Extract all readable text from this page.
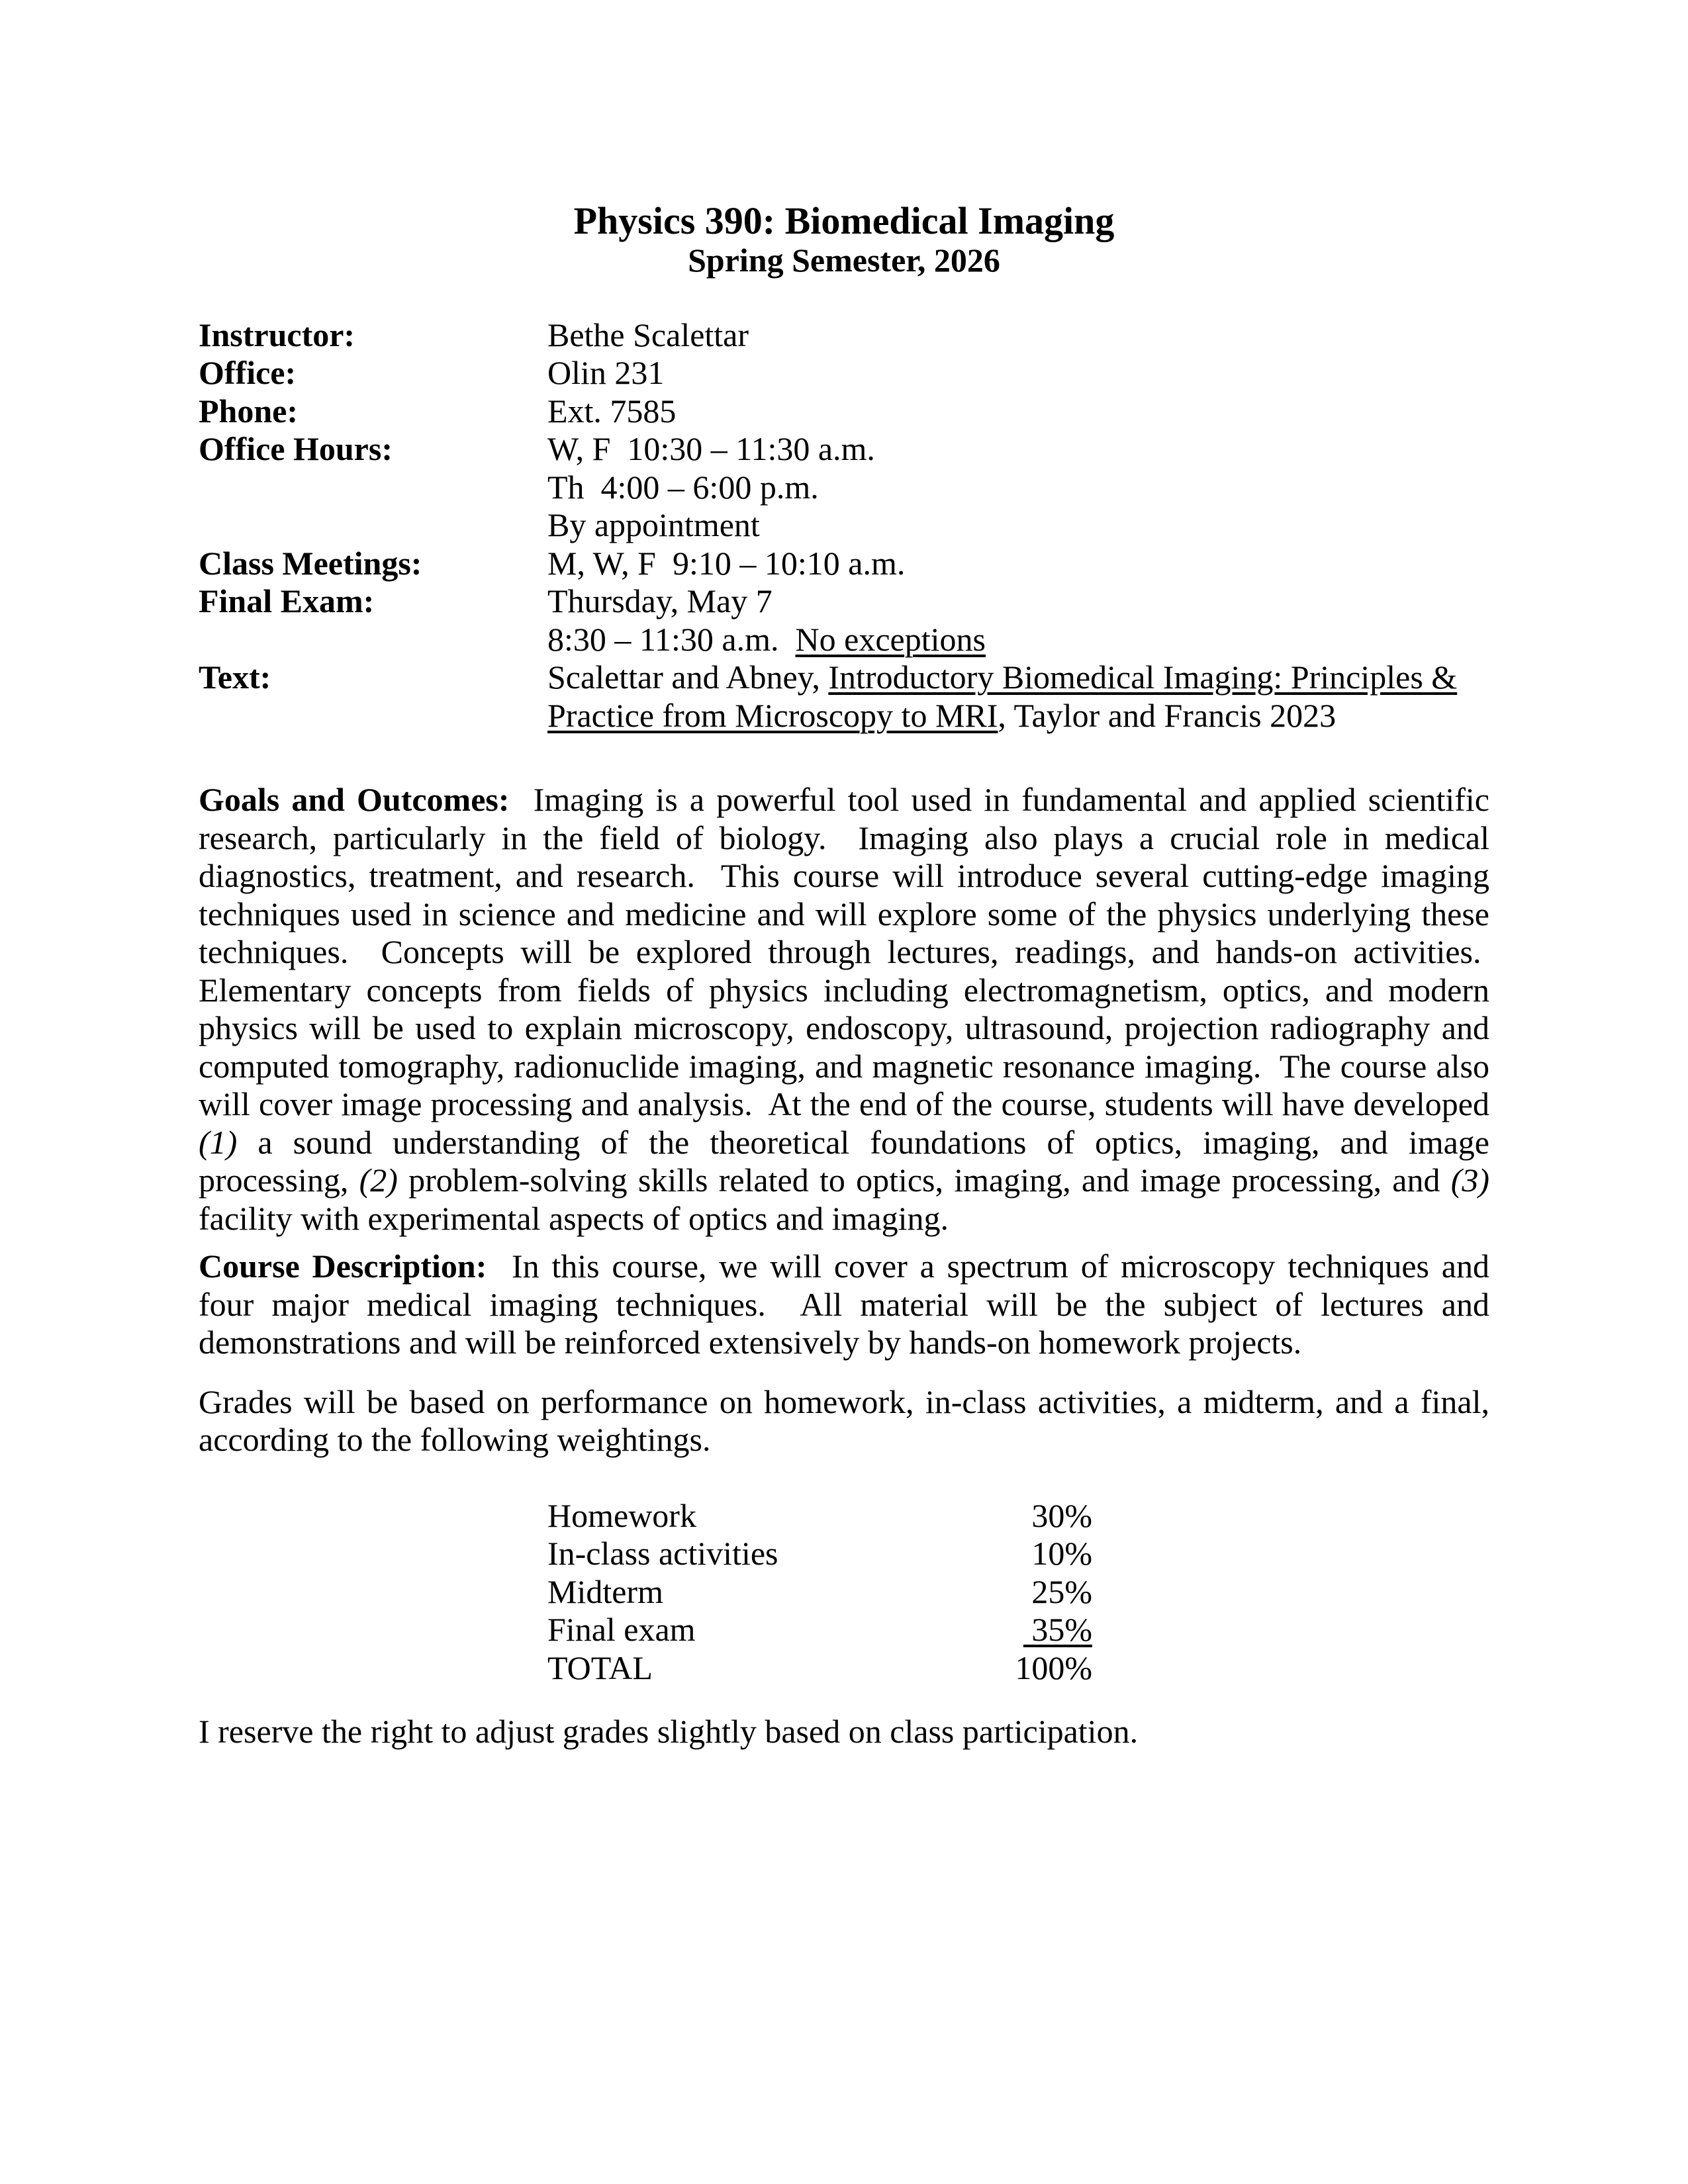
Physics 390: Biomedical Imaging
Spring Semester, 2026
Instructor:	Bethe Scalettar
Office:	Olin 231
Phone:	Ext. 7585
Office Hours:	W, F  10:30 – 11:30 a.m.
Th  4:00 – 6:00 p.m.
By appointment
Class Meetings:	M, W, F  9:10 – 10:10 a.m.
Final Exam:	Thursday, May 7
8:30 – 11:30 a.m.  No exceptions
Text:	Scalettar and Abney, Introductory Biomedical Imaging: Principles &
Practice from Microscopy to MRI, Taylor and Francis 2023
Goals and Outcomes:  Imaging is a powerful tool used in fundamental and applied scientific research, particularly in the field of biology.  Imaging also plays a crucial role in medical diagnostics, treatment, and research.  This course will introduce several cutting-edge imaging techniques used in science and medicine and will explore some of the physics underlying these techniques.  Concepts will be explored through lectures, readings, and hands-on activities.  Elementary concepts from fields of physics including electromagnetism, optics, and modern physics will be used to explain microscopy, endoscopy, ultrasound, projection radiography and computed tomography, radionuclide imaging, and magnetic resonance imaging.  The course also will cover image processing and analysis.  At the end of the course, students will have developed (1) a sound understanding of the theoretical foundations of optics, imaging, and image processing, (2) problem-solving skills related to optics, imaging, and image processing, and (3) facility with experimental aspects of optics and imaging.
Course Description:  In this course, we will cover a spectrum of microscopy techniques and four major medical imaging techniques.  All material will be the subject of lectures and demonstrations and will be reinforced extensively by hands-on homework projects.
Grades will be based on performance on homework, in-class activities, a midterm, and a final, according to the following weightings.
Homework	30%
In-class activities	10%
Midterm	25%
Final exam	35%
TOTAL	100%
I reserve the right to adjust grades slightly based on class participation.
